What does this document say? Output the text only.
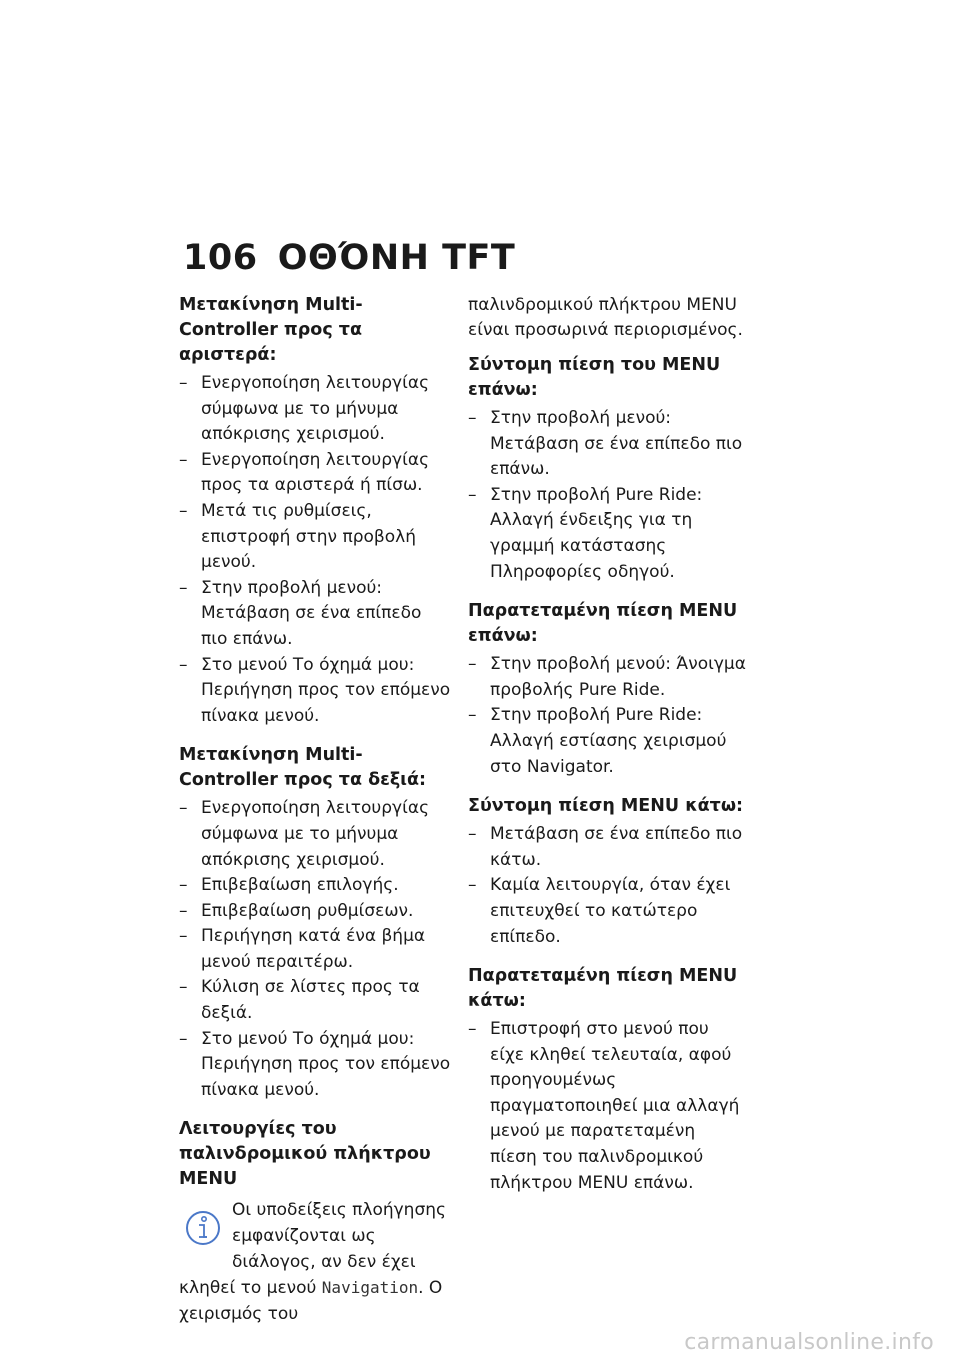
106 ΟΘΌΝΗ TFT
Μετακίνηση Multi-Controller προς τα αριστερά:
– Ενεργοποίηση λειτουργίας σύμφωνα με το μήνυμα απόκρισης χειρισμού.
– Ενεργοποίηση λειτουργίας προς τα αριστερά ή πίσω.
– Μετά τις ρυθμίσεις, επιστροφή στην προβολή μενού.
– Στην προβολή μενού: Μετάβαση σε ένα επίπεδο πιο επάνω.
– Στο μενού Το όχημά μου: Περιήγηση προς τον επόμενο πίνακα μενού.
Μετακίνηση Multi-Controller προς τα δεξιά:
– Ενεργοποίηση λειτουργίας σύμφωνα με το μήνυμα απόκρισης χειρισμού.
– Επιβεβαίωση επιλογής.
– Επιβεβαίωση ρυθμίσεων.
– Περιήγηση κατά ένα βήμα μενού περαιτέρω.
– Κύλιση σε λίστες προς τα δεξιά.
– Στο μενού Το όχημά μου: Περιήγηση προς τον επόμενο πίνακα μενού.
Λειτουργίες του παλινδρομικού πλήκτρου MENU
Οι υποδείξεις πλοήγησης εμφανίζονται ως διάλογος, αν δεν έχει κληθεί το μενού Navigation. Ο χειρισμός του

παλινδρομικού πλήκτρου MENU είναι προσωρινά περιορισμένος.

Σύντομη πίεση του MENU επάνω:
– Στην προβολή μενού: Μετάβαση σε ένα επίπεδο πιο επάνω.
– Στην προβολή Pure Ride: Αλλαγή ένδειξης για τη γραμμή κατάστασης Πληροφορίες οδηγού.
Παρατεταμένη πίεση MENU επάνω:
– Στην προβολή μενού: Άνοιγμα προβολής Pure Ride.
– Στην προβολή Pure Ride: Αλλαγή εστίασης χειρισμού στο Navigator.
Σύντομη πίεση MENU κάτω:
– Μετάβαση σε ένα επίπεδο πιο κάτω.
– Καμία λειτουργία, όταν έχει επιτευχθεί το κατώτερο επίπεδο.
Παρατεταμένη πίεση MENU κάτω:
– Επιστροφή στο μενού που είχε κληθεί τελευταία, αφού προηγουμένως πραγματοποιηθεί μια αλλαγή μενού με παρατεταμένη πίεση του παλινδρομικού πλήκτρου MENU επάνω.
carmanualsonline.info
